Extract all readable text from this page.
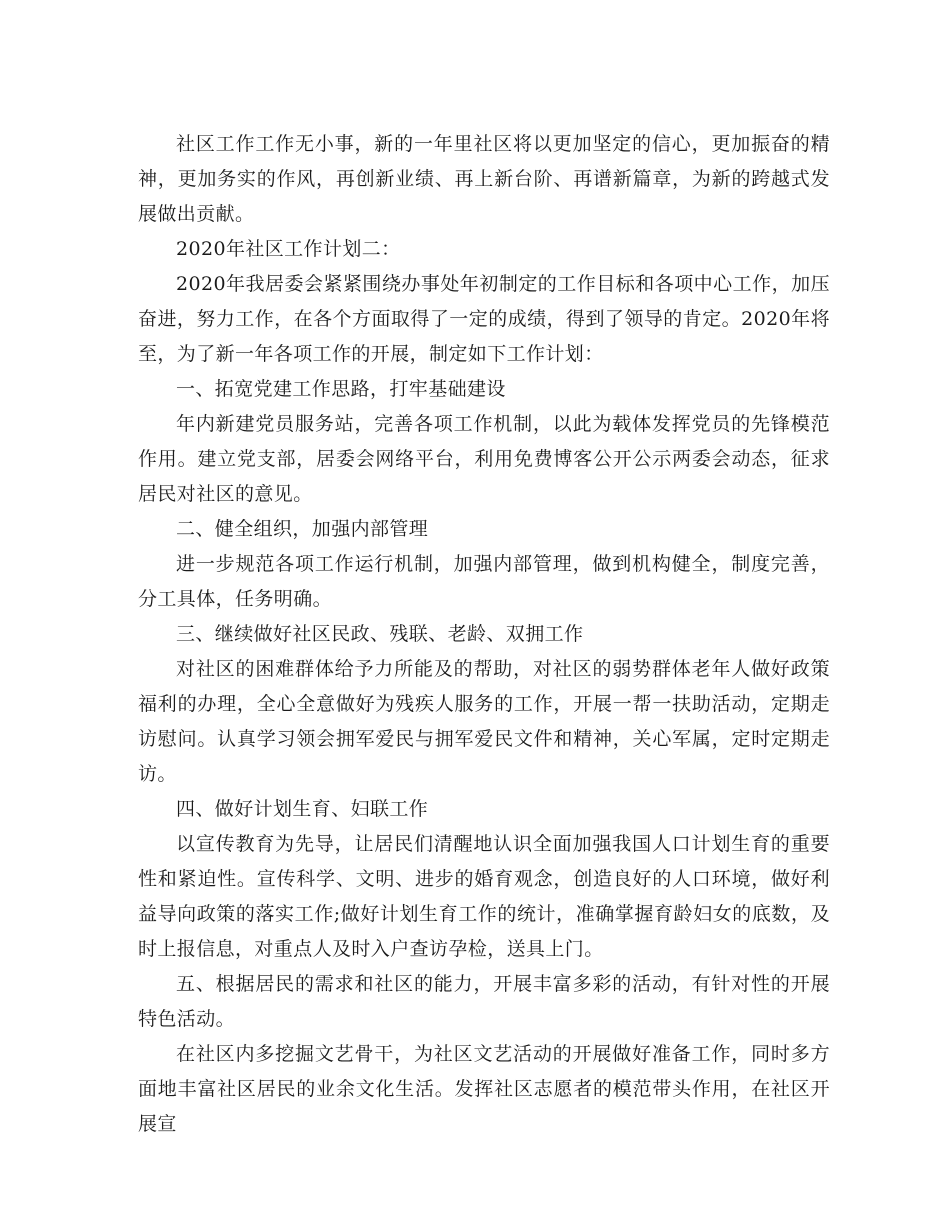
社区工作工作无小事，新的一年里社区将以更加坚定的信心，更加振奋的精神，更加务实的作风，再创新业绩、再上新台阶、再谱新篇章，为新的跨越式发展做出贡献。

2020年社区工作计划二：

2020年我居委会紧紧围绕办事处年初制定的工作目标和各项中心工作，加压奋进，努力工作，在各个方面取得了一定的成绩，得到了领导的肯定。2020年将至，为了新一年各项工作的开展，制定如下工作计划：

一、拓宽党建工作思路，打牢基础建设

年内新建党员服务站，完善各项工作机制，以此为载体发挥党员的先锋模范作用。建立党支部，居委会网络平台，利用免费博客公开公示两委会动态，征求居民对社区的意见。

二、健全组织，加强内部管理

进一步规范各项工作运行机制，加强内部管理，做到机构健全，制度完善，分工具体，任务明确。

三、继续做好社区民政、残联、老龄、双拥工作

对社区的困难群体给予力所能及的帮助，对社区的弱势群体老年人做好政策福利的办理，全心全意做好为残疾人服务的工作，开展一帮一扶助活动，定期走访慰问。认真学习领会拥军爱民与拥军爱民文件和精神，关心军属，定时定期走访。

四、做好计划生育、妇联工作

以宣传教育为先导，让居民们清醒地认识全面加强我国人口计划生育的重要性和紧迫性。宣传科学、文明、进步的婚育观念，创造良好的人口环境，做好利益导向政策的落实工作;做好计划生育工作的统计，准确掌握育龄妇女的底数，及时上报信息，对重点人及时入户查访孕检，送具上门。

五、根据居民的需求和社区的能力，开展丰富多彩的活动，有针对性的开展特色活动。

在社区内多挖掘文艺骨干，为社区文艺活动的开展做好准备工作，同时多方面地丰富社区居民的业余文化生活。发挥社区志愿者的模范带头作用，在社区开展宣
